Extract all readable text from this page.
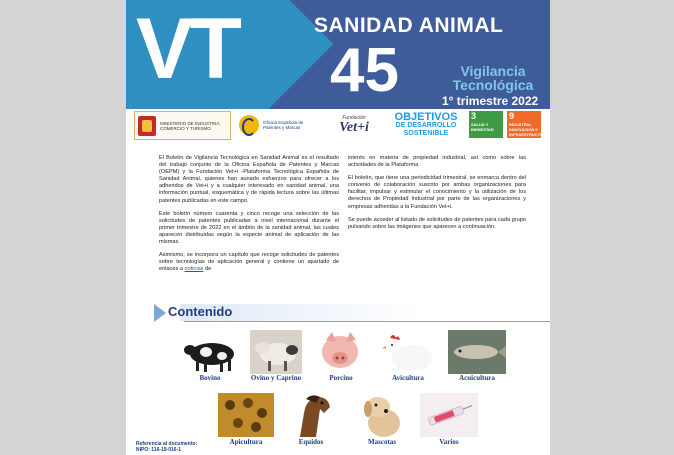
VT	SANIDAD ANIMAL
45	Vigilancia
Tecnológica
1° trimestre 2022
MINISTERIO DE INDUSTRIA, COMERCIO Y TURISMO
Oficina Española de Patentes y Marcas
Fundación
Vet+i
OBJETIVOS
DE DESARROLLO
SOSTENIBLE
3
SALUD Y BIENESTAR
9
INDUSTRIA, INNOVACIÓN E INFRAESTRUCTURA

El Boletín de Vigilancia Tecnológica en Sanidad Animal es el resultado del trabajo conjunto de la Oficina Española de Patentes y Marcas (OEPM) y la Fundación Vet+i -Plataforma Tecnológica Española de Sanidad Animal, quienes han aunado esfuerzos para ofrecer a los adheridos de Vet+i y a cualquier interesado en sanidad animal, una información puntual, esquemática y de rápida lectura sobre las últimas patentes publicadas en este campo.

Este boletín número cuarenta y cinco recoge una selección de las solicitudes de patentes publicadas a nivel internacional durante el primer trimestre de 2022 en el ámbito de la sanidad animal, las cuales aparecen distribuidas según la especie animal de aplicación de las mismas.

Asimismo, se incorpora un capítulo que recoge solicitudes de patentes sobre tecnologías de aplicación general y contiene un apartado de enlaces a noticias de

interés en materia de propiedad industrial, así como sobre las actividades de la Plataforma.

El boletín, que tiene una periodicidad trimestral, se enmarca dentro del convenio de colaboración suscrito por ambas organizaciones para facilitar, impulsar y estimular el conocimiento y la utilización de los derechos de Propiedad Industrial por parte de las organizaciones y empresas adheridas a la Fundación Vet+i.

Se puede acceder al listado de solicitudes de patentes para cada grupo pulsando sobre las imágenes que aparecen a continuación.

Contenido
Bovino	Ovino y Caprino	Porcino	Avicultura	Acuicultura
Apicultura	Equidos	Mascotas	Varios
Referencia al documento:
NIPO: 116-19-016-1
